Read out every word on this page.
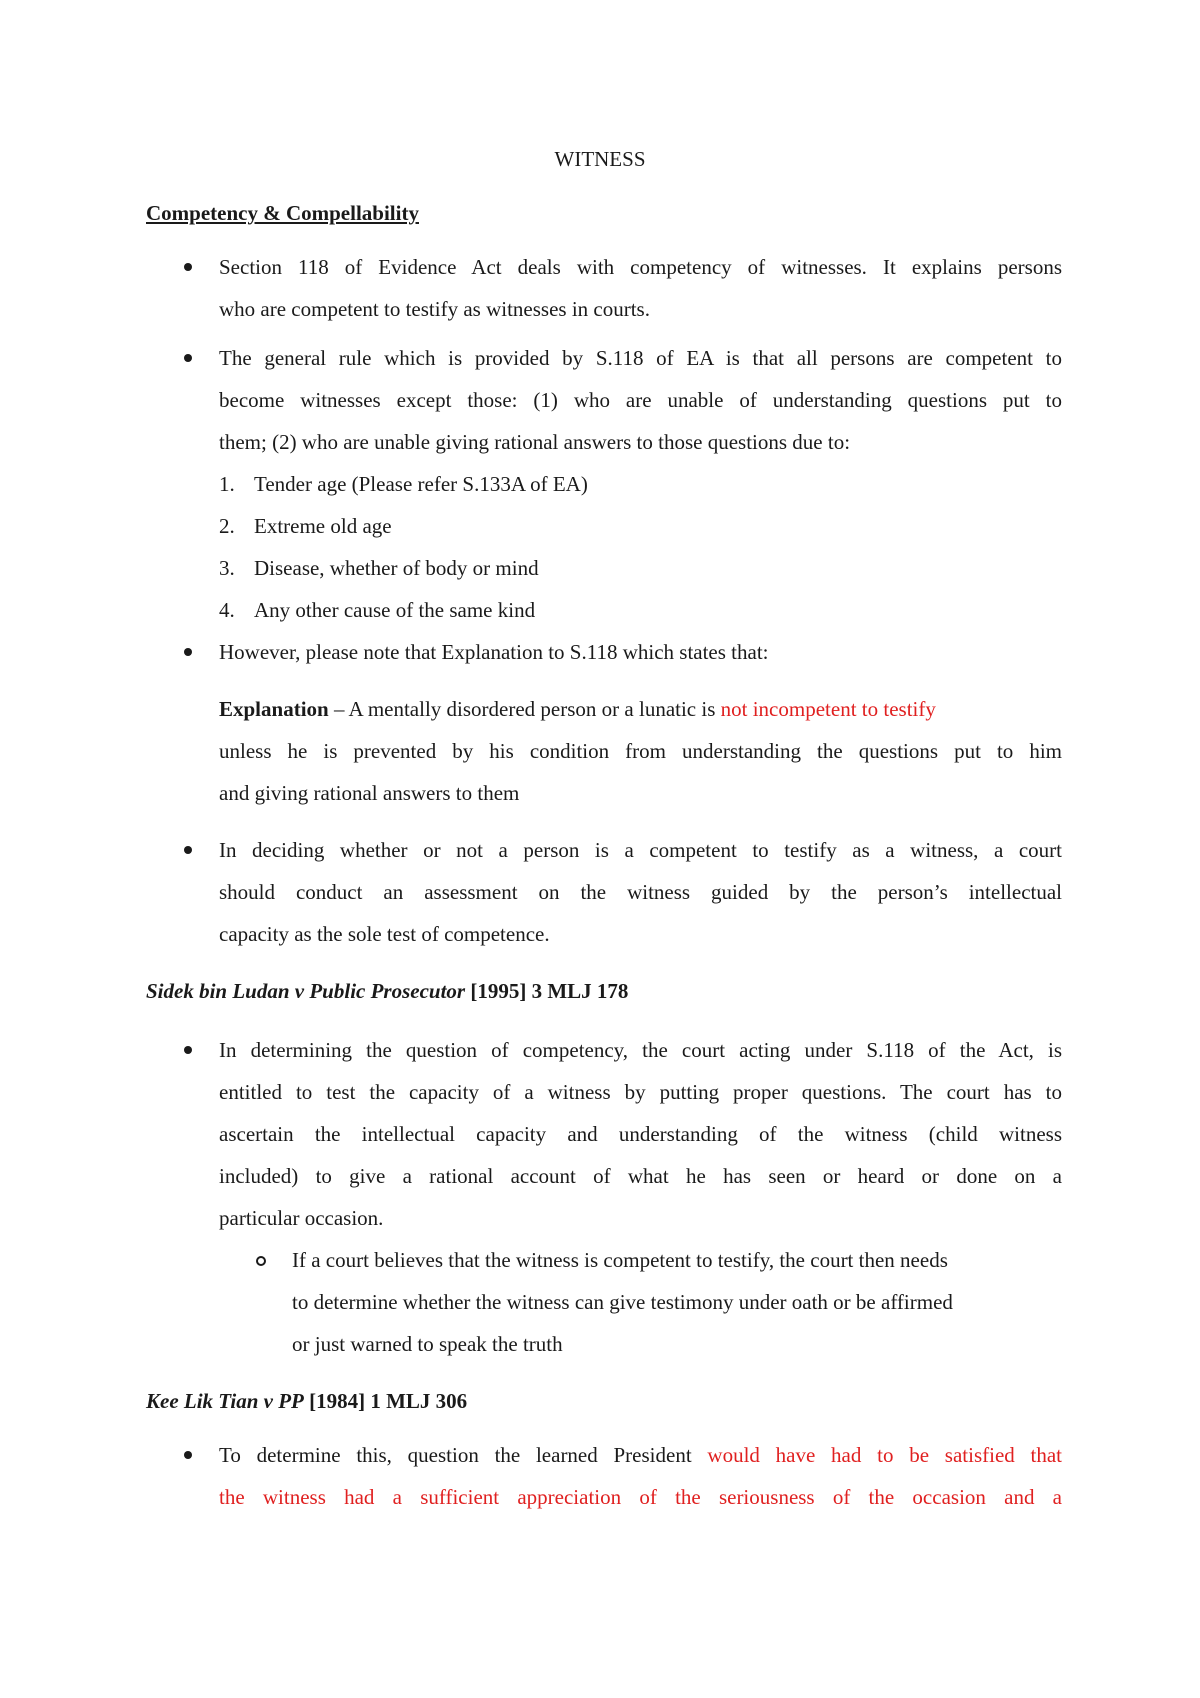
WITNESS
Competency & Compellability
Section 118 of Evidence Act deals with competency of witnesses. It explains persons
who are competent to testify as witnesses in courts.
The general rule which is provided by S.118 of EA is that all persons are competent to
become witnesses except those: (1) who are unable of understanding questions put to
them; (2) who are unable giving rational answers to those questions due to:
1. Tender age (Please refer S.133A of EA)
2. Extreme old age
3. Disease, whether of body or mind
4. Any other cause of the same kind
However, please note that Explanation to S.118 which states that:
Explanation – A mentally disordered person or a lunatic is not incompetent to testify
unless he is prevented by his condition from understanding the questions put to him
and giving rational answers to them
In deciding whether or not a person is a competent to testify as a witness, a court
should conduct an assessment on the witness guided by the person’s intellectual
capacity as the sole test of competence.
Sidek bin Ludan v Public Prosecutor [1995] 3 MLJ 178
In determining the question of competency, the court acting under S.118 of the Act, is
entitled to test the capacity of a witness by putting proper questions. The court has to
ascertain the intellectual capacity and understanding of the witness (child witness
included) to give a rational account of what he has seen or heard or done on a
particular occasion.
If a court believes that the witness is competent to testify, the court then needs
to determine whether the witness can give testimony under oath or be affirmed
or just warned to speak the truth
Kee Lik Tian v PP [1984] 1 MLJ 306
To determine this, question the learned President would have had to be satisfied that
the witness had a sufficient appreciation of the seriousness of the occasion and a
